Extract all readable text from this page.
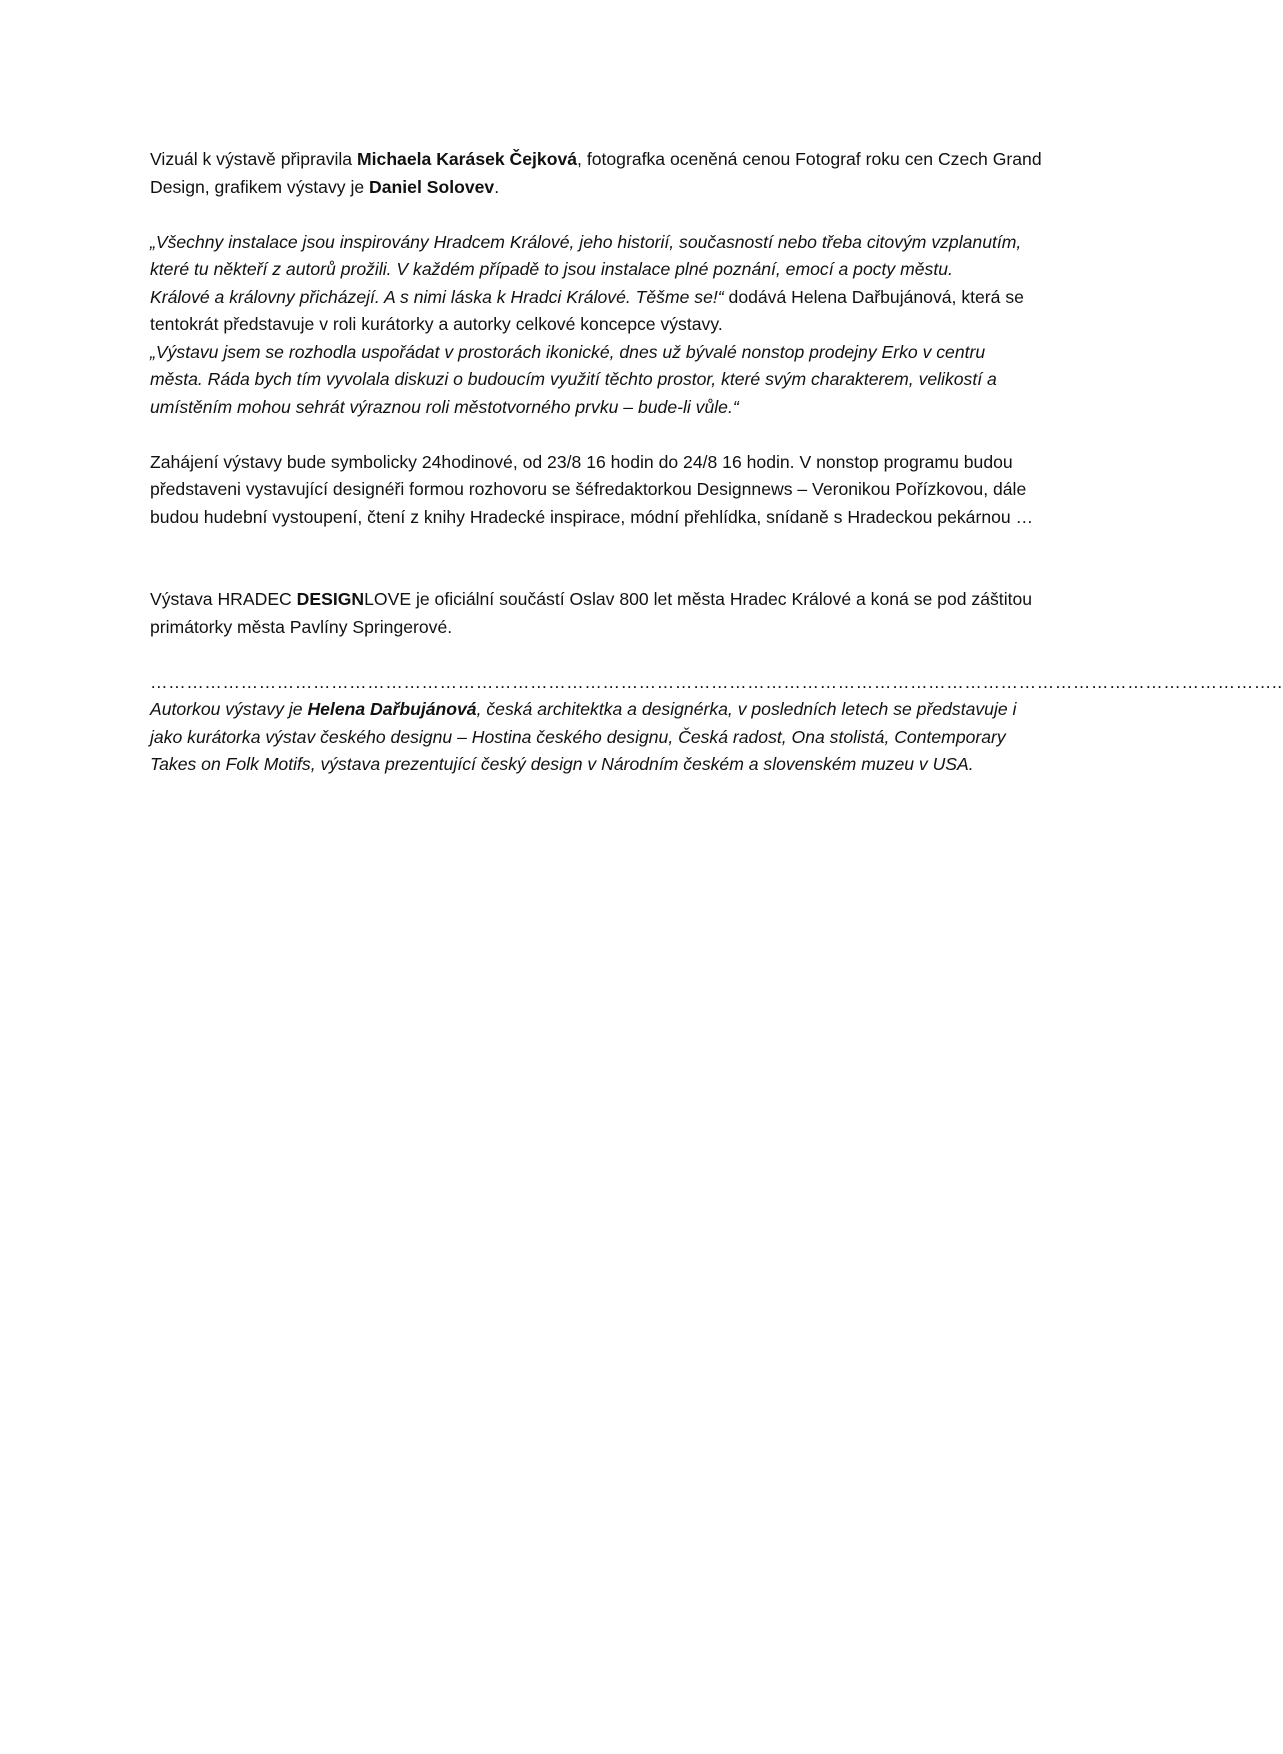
Vizuál k výstavě připravila Michaela Karásek Čejková, fotografka oceněná cenou Fotograf roku cen Czech Grand

Design, grafikem výstavy je Daniel Solovev.

„Všechny instalace jsou inspirovány Hradcem Králové, jeho historií, současností nebo třeba citovým vzplanutím,

které tu někteří z autorů prožili. V každém případě to jsou instalace plné poznání, emocí a pocty městu.

Králové a královny přicházejí. A s nimi láska k Hradci Králové. Těšme se!“ dodává Helena Dařbujánová, která se

tentokrát představuje v roli kurátorky a autorky celkové koncepce výstavy.

„Výstavu jsem se rozhodla uspořádat v prostorách ikonické, dnes už bývalé nonstop prodejny Erko v centru

města. Ráda bych tím vyvolala diskuzi o budoucím využití těchto prostor, které svým charakterem, velikostí a

umístěním mohou sehrát výraznou roli městotvorného prvku – bude-li vůle.“

Zahájení výstavy bude symbolicky 24hodinové, od 23/8 16 hodin do 24/8 16 hodin. V nonstop programu budou

představeni vystavující designéři formou rozhovoru se šéfredaktorkou Designnews – Veronikou Pořízkovou, dále

budou hudební vystoupení, čtení z knihy Hradecké inspirace, módní přehlídka, snídaně s Hradeckou pekárnou …

Výstava HRADEC DESIGNLOVE je oficiální součástí Oslav 800 let města Hradec Králové a koná se pod záštitou

primátorky města Pavlíny Springerové.

……………………………………………………………………………………………………………………………………………………………………..

Autorkou výstavy je Helena Dařbujánová, česká architektka a designérka, v posledních letech se představuje i

jako kurátorka výstav českého designu – Hostina českého designu, Česká radost, Ona stolistá, Contemporary

Takes on Folk Motifs, výstava prezentující český design v Národním českém a slovenském muzeu v USA.
